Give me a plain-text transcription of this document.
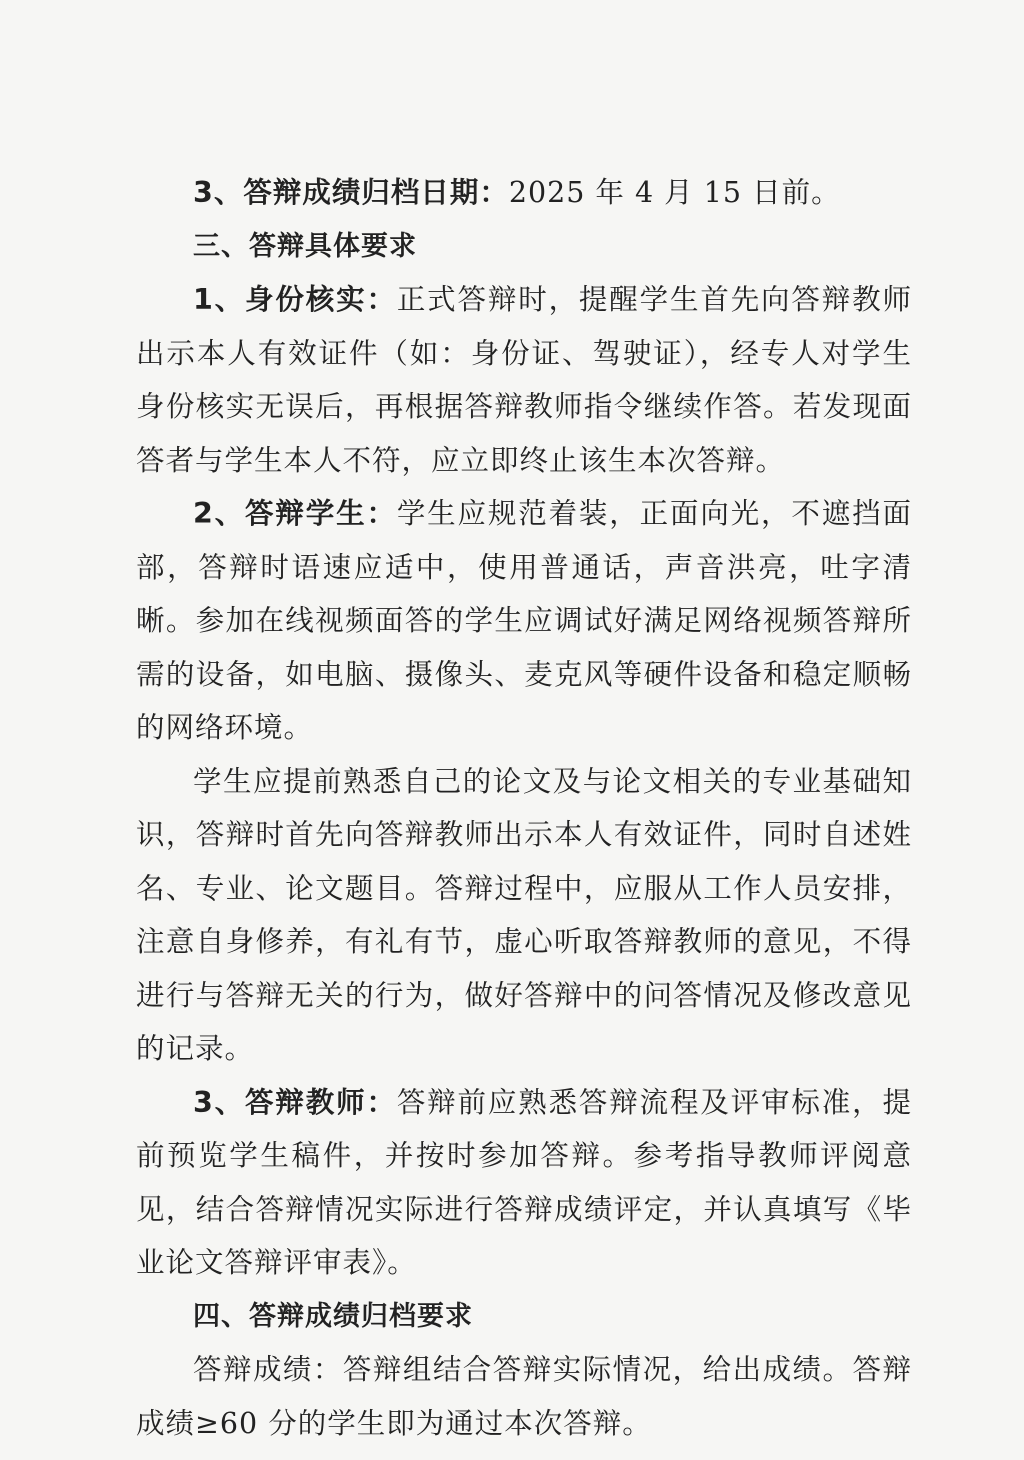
3、答辩成绩归档日期：2025 年 4 月 15 日前。

三、答辩具体要求

1、身份核实：正式答辩时，提醒学生首先向答辩教师出示本人有效证件（如：身份证、驾驶证），经专人对学生身份核实无误后，再根据答辩教师指令继续作答。若发现面答者与学生本人不符，应立即终止该生本次答辩。

2、答辩学生：学生应规范着装，正面向光，不遮挡面部，答辩时语速应适中，使用普通话，声音洪亮，吐字清晰。参加在线视频面答的学生应调试好满足网络视频答辩所需的设备，如电脑、摄像头、麦克风等硬件设备和稳定顺畅的网络环境。

学生应提前熟悉自己的论文及与论文相关的专业基础知识，答辩时首先向答辩教师出示本人有效证件，同时自述姓名、专业、论文题目。答辩过程中，应服从工作人员安排，注意自身修养，有礼有节，虚心听取答辩教师的意见，不得进行与答辩无关的行为，做好答辩中的问答情况及修改意见的记录。

3、答辩教师：答辩前应熟悉答辩流程及评审标准，提前预览学生稿件，并按时参加答辩。参考指导教师评阅意见，结合答辩情况实际进行答辩成绩评定，并认真填写《毕业论文答辩评审表》。

四、答辩成绩归档要求

答辩成绩：答辩组结合答辩实际情况，给出成绩。答辩成绩≥60 分的学生即为通过本次答辩。
